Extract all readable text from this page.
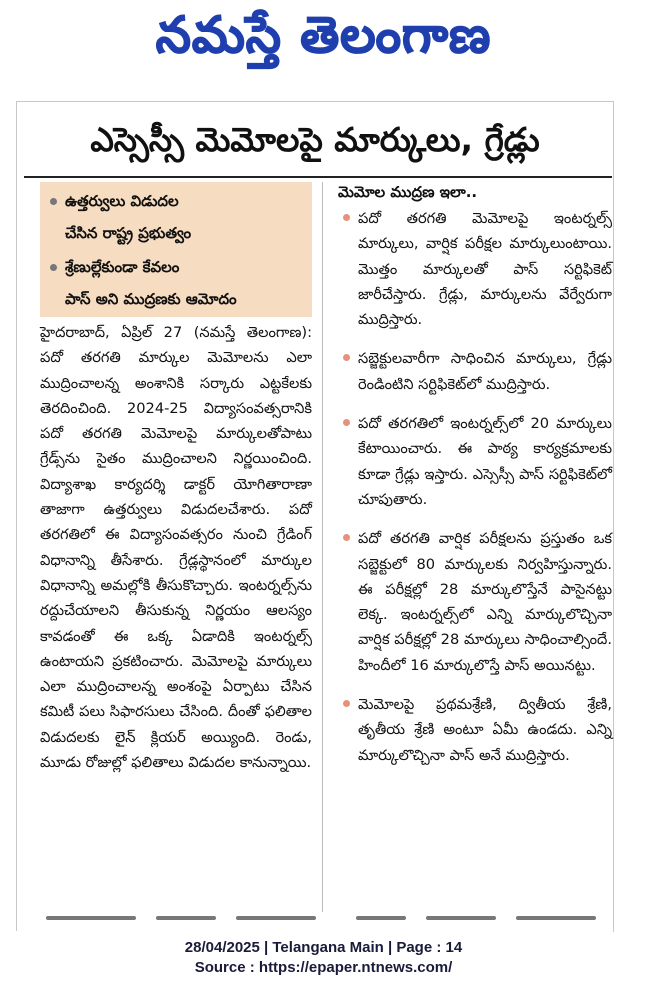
నమస్తే తెలంగాణ
ఎస్సెస్సీ మెమోలపై మార్కులు, గ్రేడ్లు
ఉత్తర్వులు విడుదల
చేసిన రాష్ట్ర ప్రభుత్వం
శ్రేణుల్లేకుండా కేవలం
పాస్ అని ముద్రణకు ఆమోదం

హైదరాబాద్, ఏప్రిల్ 27 (నమస్తే తెలంగాణ): పదో తరగతి మార్కుల మెమోలను ఎలా ముద్రించాలన్న అంశానికి సర్కారు ఎట్టకేలకు తెరదించింది. 2024-25 విద్యాసంవత్సరానికి పదో తరగతి మెమోలపై మార్కులతోపాటు గ్రేడ్స్‌ను సైతం ముద్రించాలని నిర్ణయించింది. విద్యాశాఖ కార్యదర్శి డాక్టర్ యోగితారాణా తాజాగా ఉత్తర్వులు విడుదలచేశారు. పదో తరగతిలో ఈ విద్యాసంవత్సరం నుంచి గ్రేడింగ్ విధానాన్ని తీసేశారు. గ్రేడ్లస్థానంలో మార్కుల విధానాన్ని అమల్లోకి తీసుకొచ్చారు. ఇంటర్నల్స్‌ను రద్దుచేయాలని తీసుకున్న నిర్ణయం ఆలస్యం కావడంతో ఈ ఒక్క ఏడాదికి ఇంటర్నల్స్ ఉంటాయని ప్రకటించారు. మెమోలపై మార్కులు ఎలా ముద్రించాలన్న అంశంపై ఏర్పాటు చేసిన కమిటీ పలు సిఫారసులు చేసింది. దీంతో ఫలితాల విడుదలకు లైన్ క్లియర్ అయ్యింది. రెండు, మూడు రోజుల్లో ఫలితాలు విడుదల కానున్నాయి.

మెమోల ముద్రణ ఇలా..
పదో తరగతి మెమోలపై ఇంటర్నల్స్ మార్కులు, వార్షిక పరీక్షల మార్కులుంటాయి. మొత్తం మార్కులతో పాస్ సర్టిఫికెట్ జారీచేస్తారు. గ్రేడ్లు, మార్కులను వేర్వేరుగా ముద్రిస్తారు.
సబ్జెక్టులవారీగా సాధించిన మార్కులు, గ్రేడ్లు రెండింటిని సర్టిఫికెట్‌లో ముద్రిస్తారు.
పదో తరగతిలో ఇంటర్నల్స్‌లో 20 మార్కులు కేటాయించారు. ఈ పాఠ్య కార్యక్రమాలకు కూడా గ్రేడ్లు ఇస్తారు. ఎస్సెస్సీ పాస్ సర్టిఫికెట్‌లో చూపుతారు.
పదో తరగతి వార్షిక పరీక్షలను ప్రస్తుతం ఒక సబ్జెక్టులో 80 మార్కులకు నిర్వహిస్తున్నారు. ఈ పరీక్షల్లో 28 మార్కులొస్తేనే పాసైనట్టు లెక్క. ఇంటర్నల్స్‌లో ఎన్ని మార్కులొచ్చినా వార్షిక పరీక్షల్లో 28 మార్కులు సాధించాల్సిందే. హిందీలో 16 మార్కులొస్తే పాస్ అయినట్టు.
మెమోలపై ప్రథమశ్రేణి, ద్వితీయ శ్రేణి, తృతీయ శ్రేణి అంటూ ఏమీ ఉండదు. ఎన్ని మార్కులొచ్చినా పాస్ అనే ముద్రిస్తారు.
28/04/2025 | Telangana Main | Page : 14
Source : https://epaper.ntnews.com/
